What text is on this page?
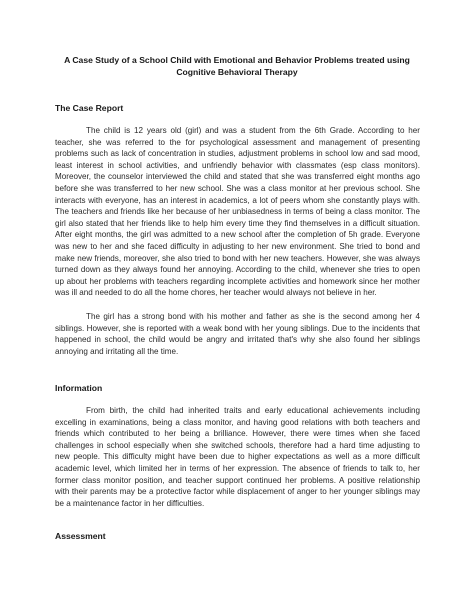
A Case Study of a School Child with Emotional and Behavior Problems treated using
Cognitive Behavioral Therapy
The Case Report

The child is 12 years old (girl) and was a student from the 6th Grade. According to her teacher, she was referred to the for psychological assessment and management of presenting problems such as lack of concentration in studies, adjustment problems in school low and sad mood, least interest in school activities, and unfriendly behavior with classmates (esp class monitors). Moreover, the counselor interviewed the child and stated that she was transferred eight months ago before she was transferred to her new school. She was a class monitor at her previous school. She interacts with everyone, has an interest in academics, a lot of peers whom she constantly plays with. The teachers and friends like her because of her unbiasedness in terms of being a class monitor. The girl also stated that her friends like to help him every time they find themselves in a difficult situation. After eight months, the girl was admitted to a new school after the completion of 5h grade. Everyone was new to her and she faced difficulty in adjusting to her new environment. She tried to bond and make new friends, moreover, she also tried to bond with her new teachers. However, she was always turned down as they always found her annoying. According to the child, whenever she tries to open up about her problems with teachers regarding incomplete activities and homework since her mother was ill and needed to do all the home chores, her teacher would always not believe in her.

The girl has a strong bond with his mother and father as she is the second among her 4 siblings. However, she is reported with a weak bond with her young siblings. Due to the incidents that happened in school, the child would be angry and irritated that's why she also found her siblings annoying and irritating all the time.

Information

From birth, the child had inherited traits and early educational achievements including excelling in examinations, being a class monitor, and having good relations with both teachers and friends which contributed to her being a brilliance. However, there were times when she faced challenges in school especially when she switched schools, therefore had a hard time adjusting to new people. This difficulty might have been due to higher expectations as well as a more difficult academic level, which limited her in terms of her expression. The absence of friends to talk to, her former class monitor position, and teacher support continued her problems. A positive relationship with their parents may be a protective factor while displacement of anger to her younger siblings may be a maintenance factor in her difficulties.

Assessment
